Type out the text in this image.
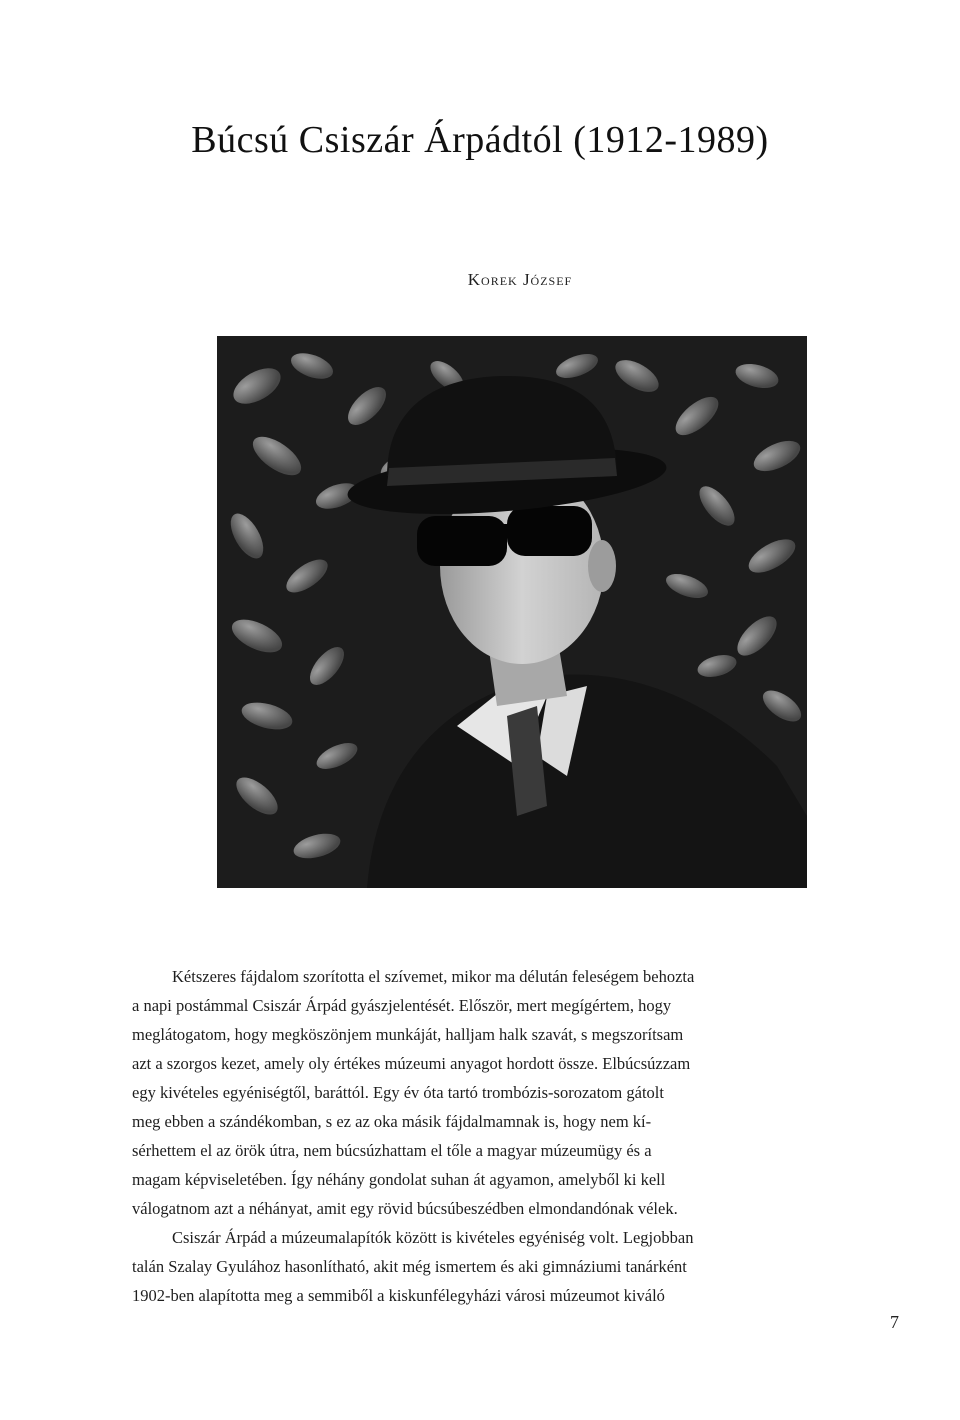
Búcsú Csiszár Árpádtól (1912-1989)
Korek József
Kétszeres fájdalom szorította el szívemet, mikor ma délután feleségem behozta
a napi postámmal Csiszár Árpád gyászjelentését. Először, mert megígértem, hogy
meglátogatom, hogy megköszönjem munkáját, halljam halk szavát, s megszorítsam
azt a szorgos kezet, amely oly értékes múzeumi anyagot hordott össze. Elbúcsúzzam
egy kivételes egyéniségtől, baráttól. Egy év óta tartó trombózis-sorozatom gátolt
meg ebben a szándékomban, s ez az oka másik fájdalmamnak is, hogy nem kí-
sérhettem el az örök útra, nem búcsúzhattam el tőle a magyar múzeumügy és a
magam képviseletében. Így néhány gondolat suhan át agyamon, amelyből ki kell
válogatnom azt a néhányat, amit egy rövid búcsúbeszédben elmondandónak vélek.
Csiszár Árpád a múzeumalapítók között is kivételes egyéniség volt. Legjobban
talán Szalay Gyulához hasonlítható, akit még ismertem és aki gimnáziumi tanárként
1902-ben alapította meg a semmiből a kiskunfélegyházi városi múzeumot kiváló
7
